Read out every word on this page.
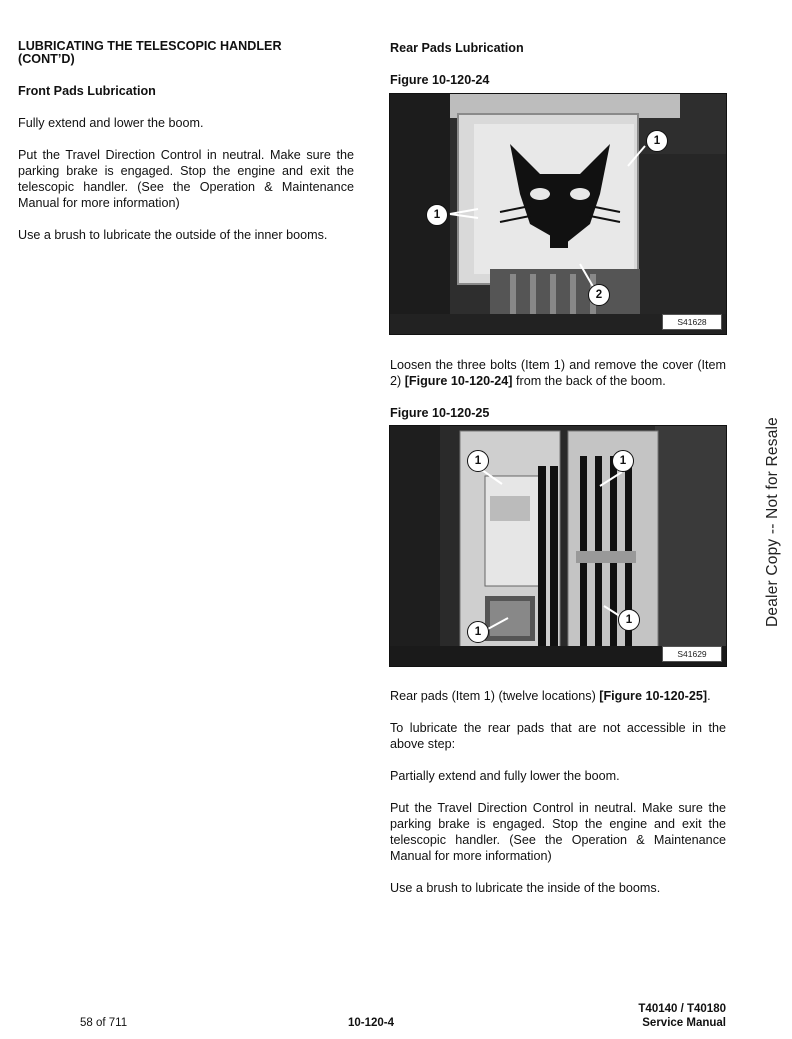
LUBRICATING THE TELESCOPIC HANDLER
(CONT’D)
Front Pads Lubrication

Fully extend and lower the boom.

Put the Travel Direction Control in neutral. Make sure the parking brake is engaged. Stop the engine and exit the telescopic handler. (See the Operation & Maintenance Manual for more information)

Use a brush to lubricate the outside of the inner booms.

Rear Pads Lubrication
Figure 10-120-24
1
1
2
S41628

Loosen the three bolts (Item 1) and remove the cover (Item 2) [Figure 10-120-24] from the back of the boom.

Figure 10-120-25
1	1
1
1
S41629

Rear pads (Item 1) (twelve locations) [Figure 10-120-25].

To lubricate the rear pads that are not accessible in the above step:

Partially extend and fully lower the boom.

Put the Travel Direction Control in neutral. Make sure the parking brake is engaged. Stop the engine and exit the telescopic handler. (See the Operation & Maintenance Manual for more information)

Use a brush to lubricate the inside of the booms.

Dealer Copy -- Not for Resale
58 of 711	10-120-4
T40140 / T40180
Service Manual
